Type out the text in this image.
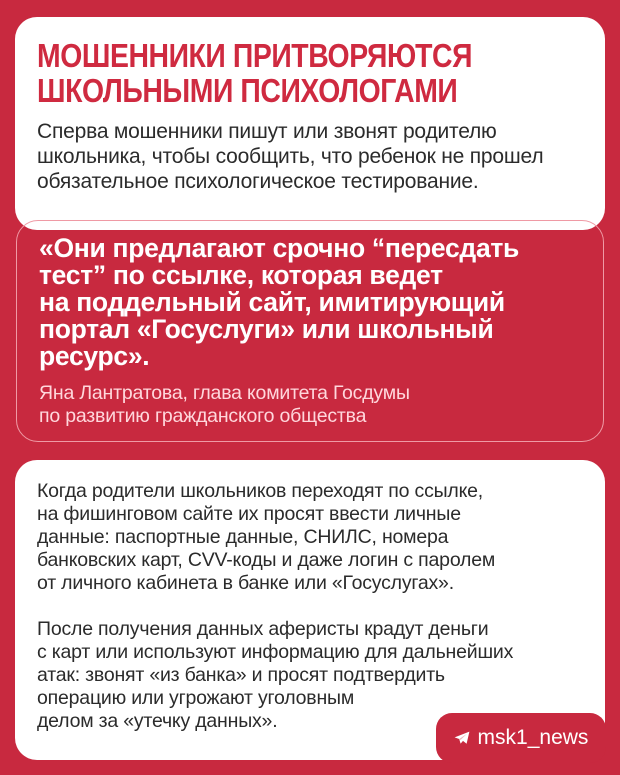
МОШЕННИКИ ПРИТВОРЯЮТСЯ
ШКОЛЬНЫМИ ПСИХОЛОГАМИ

Сперва мошенники пишут или звонят родителю
школьника, чтобы сообщить, что ребенок не прошел
обязательное психологическое тестирование.

«Они предлагают срочно “пересдать
тест” по ссылке, которая ведет
на поддельный сайт, имитирующий
портал «Госуслуги» или школьный
ресурс».

Яна Лантратова, глава комитета Госдумы
по развитию гражданского общества

Когда родители школьников переходят по ссылке,
на фишинговом сайте их просят ввести личные
данные: паспортные данные, СНИЛС, номера
банковских карт, CVV-коды и даже логин с паролем
от личного кабинета в банке или «Госуслугах».

После получения данных аферисты крадут деньги
с карт или используют информацию для дальнейших
атак: звонят «из банка» и просят подтвердить
операцию или угрожают уголовным
делом за «утечку данных».

msk1_news
